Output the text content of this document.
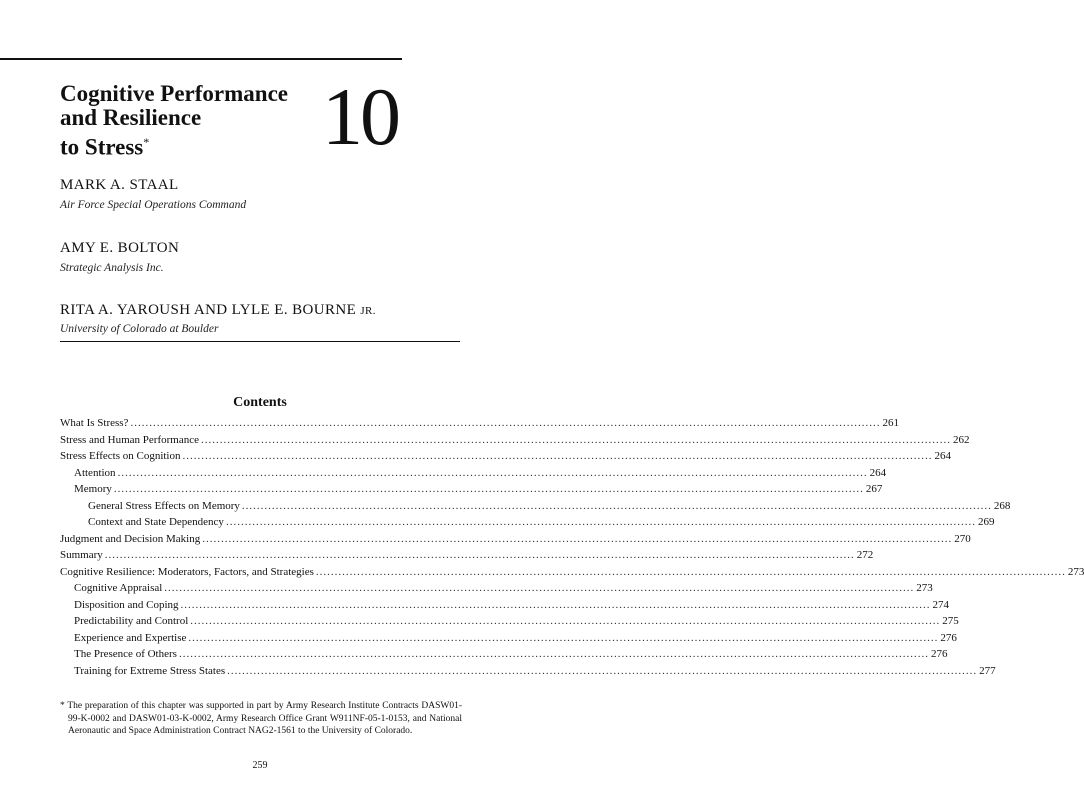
Cognitive Performance
and Resilience
to Stress*	10
MARK A. STAAL
Air Force Special Operations Command
AMY E. BOLTON
Strategic Analysis Inc.
RITA A. YAROUSH AND LYLE E. BOURNE JR.
University of Colorado at Boulder
Contents
What Is Stress? ........................................................................................................................................................................................................ 261
Stress and Human Performance ........................................................................................................................................................................................................ 262
Stress Effects on Cognition ........................................................................................................................................................................................................ 264
Attention ........................................................................................................................................................................................................ 264
Memory ........................................................................................................................................................................................................ 267
General Stress Effects on Memory ........................................................................................................................................................................................................ 268
Context and State Dependency ........................................................................................................................................................................................................ 269
Judgment and Decision Making ........................................................................................................................................................................................................ 270
Summary ........................................................................................................................................................................................................ 272
Cognitive Resilience: Moderators, Factors, and Strategies ........................................................................................................................................................................................................ 273
Cognitive Appraisal ........................................................................................................................................................................................................ 273
Disposition and Coping ........................................................................................................................................................................................................ 274
Predictability and Control ........................................................................................................................................................................................................ 275
Experience and Expertise ........................................................................................................................................................................................................ 276
The Presence of Others ........................................................................................................................................................................................................ 276
Training for Extreme Stress States ........................................................................................................................................................................................................ 277
* The preparation of this chapter was supported in part by Army Research Institute Contracts DASW01-99-K-0002 and DASW01-03-K-0002, Army Research Office Grant W911NF-05-1-0153, and National Aeronautic and Space Administration Contract NAG2-1561 to the University of Colorado.
259
